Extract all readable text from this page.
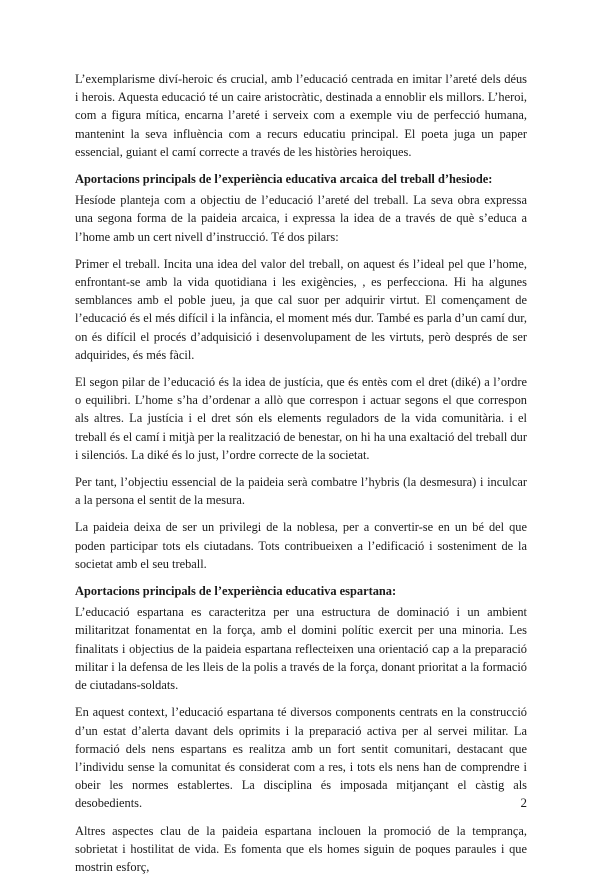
L’exemplarisme diví-heroic és crucial, amb l’educació centrada en imitar l’areté dels déus i herois. Aquesta educació té un caire aristocràtic, destinada a ennoblir els millors. L’heroi, com a figura mítica, encarna l’areté i serveix com a exemple viu de perfecció humana, mantenint la seva influència com a recurs educatiu principal. El poeta juga un paper essencial, guiant el camí correcte a través de les històries heroiques.

Aportacions principals de l’experiència educativa arcaica del treball d’hesiode:

Hesíode planteja com a objectiu de l’educació l’areté del treball. La seva obra expressa una segona forma de la paideia arcaica, i expressa la idea de a través de què s’educa a l’home amb un cert nivell d’instrucció. Té dos pilars:

Primer el treball. Incita una idea del valor del treball, on aquest és l’ideal pel que l’home, enfrontant-se amb la vida quotidiana i les exigències, , es perfecciona. Hi ha algunes semblances amb el poble jueu, ja que cal suor per adquirir virtut. El començament de l’educació és el més difícil i la infància, el moment més dur. També es parla d’un camí dur, on és difícil el procés d’adquisició i desenvolupament de les virtuts, però després de ser adquirides, és més fàcil.

El segon pilar de l’educació és la idea de justícia, que és entès com el dret (diké) a l’ordre o equilibri. L’home s’ha d’ordenar a allò que correspon i actuar segons el que correspon als altres. La justícia i el dret són els elements reguladors de la vida comunitària. i el treball és el camí i mitjà per la realització de benestar, on hi ha una exaltació del treball dur i silenciós. La diké és lo just, l’ordre correcte de la societat.

Per tant, l’objectiu essencial de la paideia serà combatre l’hybris (la desmesura) i inculcar a la persona el sentit de la mesura.

La paideia deixa de ser un privilegi de la noblesa, per a convertir-se en un bé del que poden participar tots els ciutadans. Tots contribueixen a l’edificació i sosteniment de la societat amb el seu treball.

Aportacions principals de l’experiència educativa espartana:

L’educació espartana es caracteritza per una estructura de dominació i un ambient militaritzat fonamentat en la força, amb el domini polític exercit per una minoria. Les finalitats i objectius de la paideia espartana reflecteixen una orientació cap a la preparació militar i la defensa de les lleis de la polis a través de la força, donant prioritat a la formació de ciutadans-soldats.

En aquest context, l’educació espartana té diversos components centrats en la construcció d’un estat d’alerta davant dels oprimits i la preparació activa per al servei militar. La formació dels nens espartans es realitza amb un fort sentit comunitari, destacant que l’individu sense la comunitat és considerat com a res, i tots els nens han de comprendre i obeir les normes establertes. La disciplina és imposada mitjançant el càstig als desobedients.

Altres aspectes clau de la paideia espartana inclouen la promoció de la temprança, sobrietat i hostilitat de vida. Es fomenta que els homes siguin de poques paraules i que mostrin esforç,

2
